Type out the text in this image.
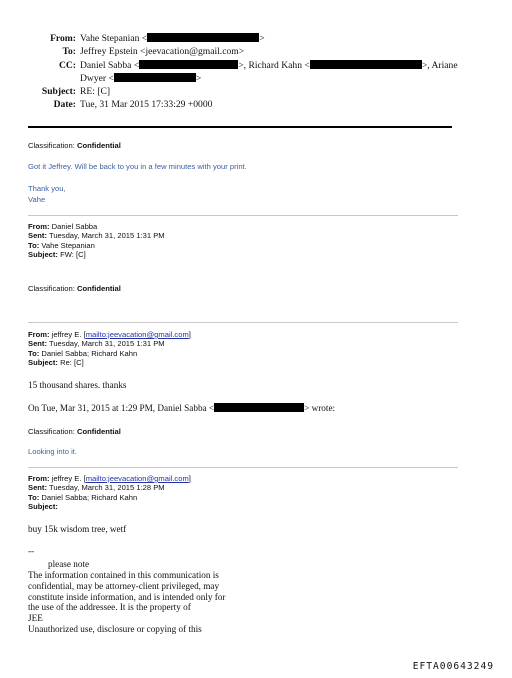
From: Vahe Stepanian <	>
To: Jeffrey Epstein <jeevacation@gmail.com>
CC: Daniel Sabba <	>, Richard Kahn <	>, Ariane
Dwyer <	>
Subject: RE: [C]
Date: Tue, 31 Mar 2015 17:33:29 +0000
Classification: Confidential
Got it Jeffrey. Will be back to you in a few minutes with your print.
Thank you,
Vahe
From: Daniel Sabba
Sent: Tuesday, March 31, 2015 1:31 PM
To: Vahe Stepanian
Subject: FW: [C]
Classification: Confidential
From: jeffrey E. [mailto:jeevacation@gmail.com]
Sent: Tuesday, March 31, 2015 1:31 PM
To: Daniel Sabba; Richard Kahn
Subject: Re: [C]
15 thousand shares. thanks
On Tue, Mar 31, 2015 at 1:29 PM, Daniel Sabba <	> wrote:
Classification: Confidential
Looking into it.
From: jeffrey E. [mailto:jeevacation@gmail.com]
Sent: Tuesday, March 31, 2015 1:28 PM
To: Daniel Sabba; Richard Kahn
Subject:
buy 15k wisdom tree, wetf
--
please note
The information contained in this communication is
confidential, may be attorney-client privileged, may
constitute inside information, and is intended only for
the use of the addressee. It is the property of
JEE
Unauthorized use, disclosure or copying of this
EFTA00643249
